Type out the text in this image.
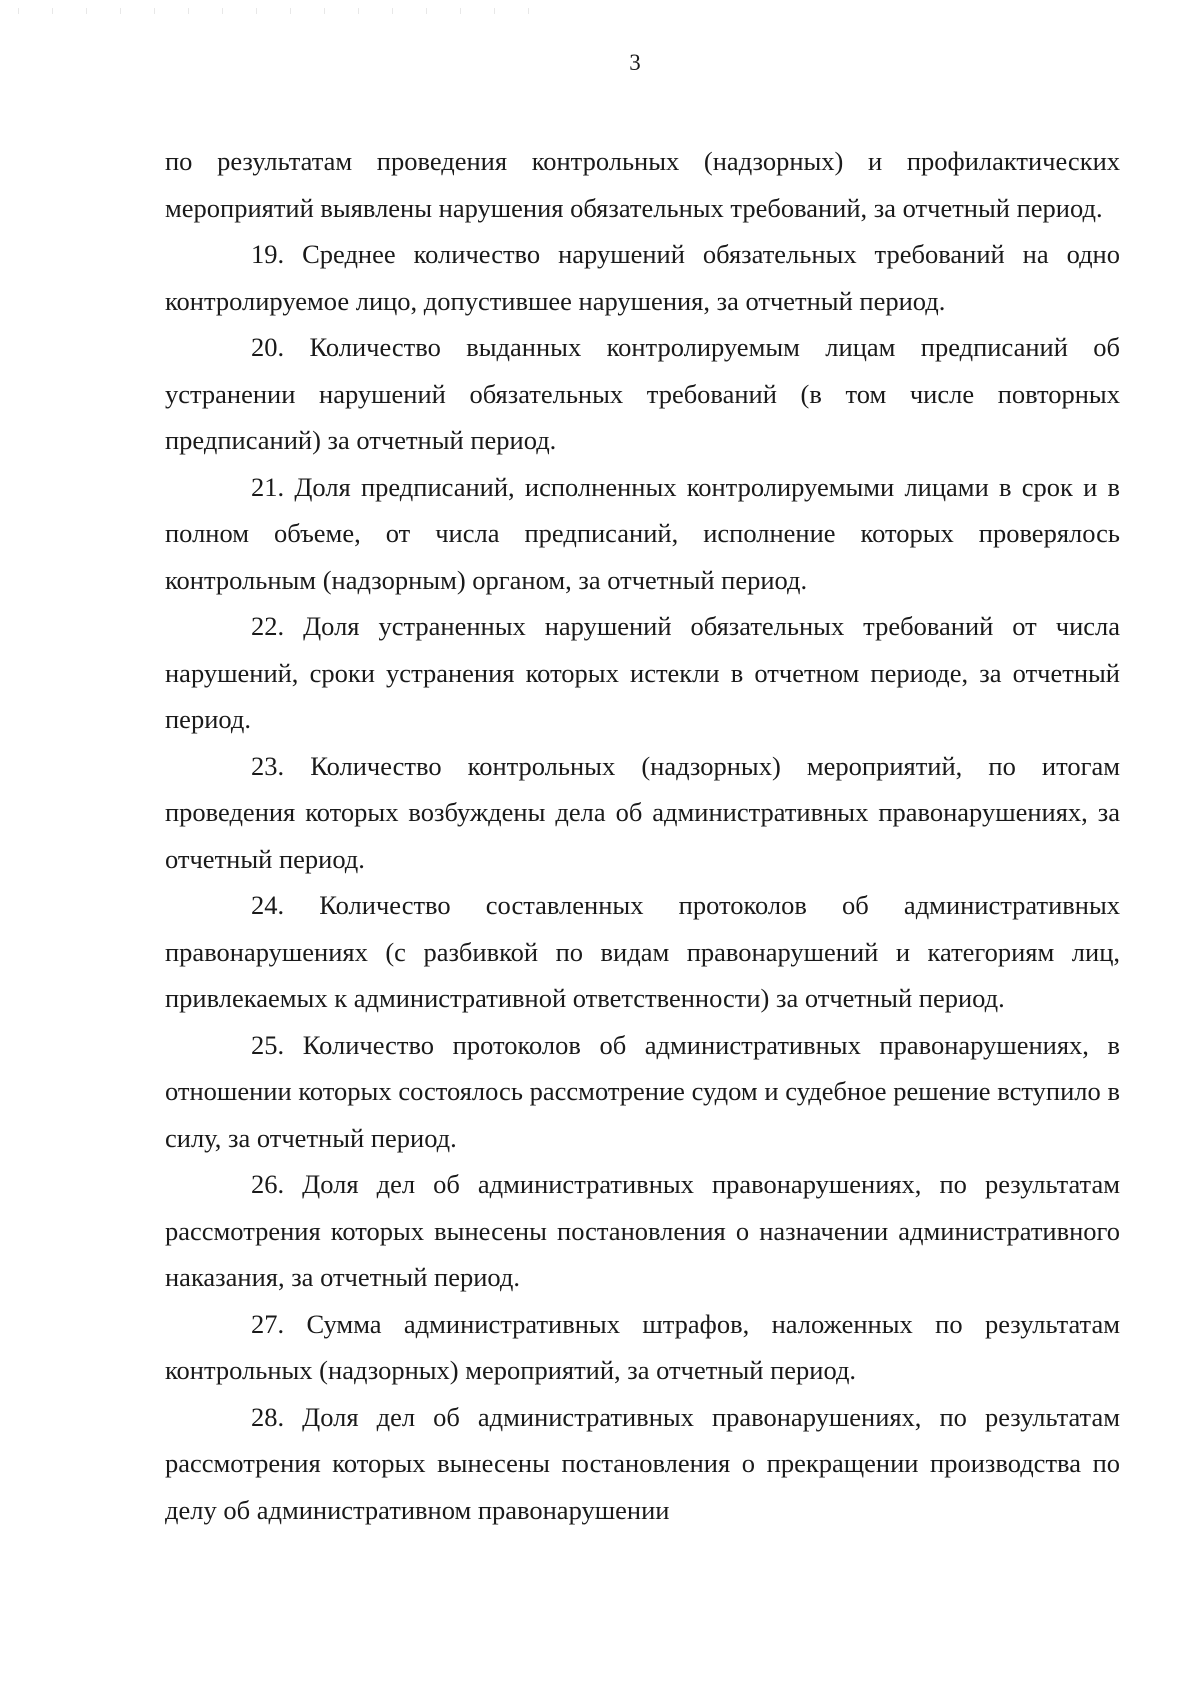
3

по результатам проведения контрольных (надзорных) и профилактических мероприятий выявлены нарушения обязательных требований, за отчетный период.

19. Среднее количество нарушений обязательных требований на одно контролируемое лицо, допустившее нарушения, за отчетный период.

20. Количество выданных контролируемым лицам предписаний об устранении нарушений обязательных требований (в том числе повторных предписаний) за отчетный период.

21. Доля предписаний, исполненных контролируемыми лицами в срок и в полном объеме, от числа предписаний, исполнение которых проверялось контрольным (надзорным) органом, за отчетный период.

22. Доля устраненных нарушений обязательных требований от числа нарушений, сроки устранения которых истекли в отчетном периоде, за отчетный период.

23. Количество контрольных (надзорных) мероприятий, по итогам проведения которых возбуждены дела об административных правонарушениях, за отчетный период.

24. Количество составленных протоколов об административных правонарушениях (с разбивкой по видам правонарушений и категориям лиц, привлекаемых к административной ответственности) за отчетный период.

25. Количество протоколов об административных правонарушениях, в отношении которых состоялось рассмотрение судом и судебное решение вступило в силу, за отчетный период.

26. Доля дел об административных правонарушениях, по результатам рассмотрения которых вынесены постановления о назначении административного наказания, за отчетный период.

27. Сумма административных штрафов, наложенных по результатам контрольных (надзорных) мероприятий, за отчетный период.

28. Доля дел об административных правонарушениях, по результатам рассмотрения которых вынесены постановления о прекращении производства по делу об административном правонарушении
